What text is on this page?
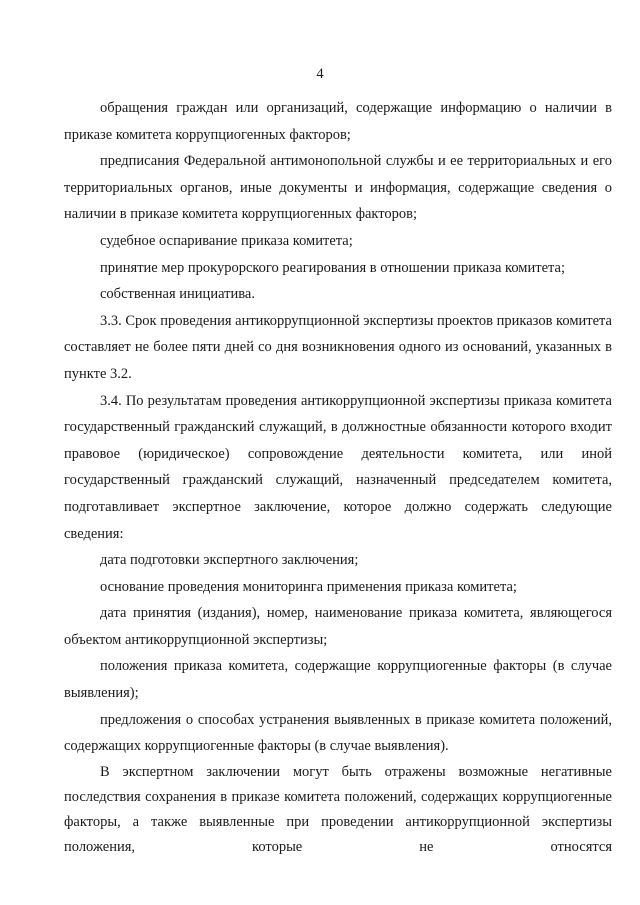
4

обращения граждан или организаций, содержащие информацию о наличии в приказе комитета коррупциогенных факторов;

предписания Федеральной антимонопольной службы и ее территориальных и его территориальных органов, иные документы и информация, содержащие сведения о наличии в приказе комитета коррупциогенных факторов;

судебное оспаривание приказа комитета;

принятие мер прокурорского реагирования в отношении приказа комитета;

собственная инициатива.

3.3. Срок проведения антикоррупционной экспертизы проектов приказов комитета составляет не более пяти дней со дня возникновения одного из оснований, указанных в пункте 3.2.

3.4. По результатам проведения антикоррупционной экспертизы приказа комитета государственный гражданский служащий, в должностные обязанности которого входит правовое (юридическое) сопровождение деятельности комитета, или иной государственный гражданский служащий, назначенный председателем комитета, подготавливает экспертное заключение, которое должно содержать следующие сведения:

дата подготовки экспертного заключения;

основание проведения мониторинга применения приказа комитета;

дата принятия (издания), номер, наименование приказа комитета, являющегося объектом антикоррупционной экспертизы;

положения приказа комитета, содержащие коррупциогенные факторы (в случае выявления);

предложения о способах устранения выявленных в приказе комитета положений, содержащих коррупциогенные факторы (в случае выявления).

В экспертном заключении могут быть отражены возможные негативные последствия сохранения в приказе комитета положений, содержащих коррупциогенные факторы, а также выявленные при проведении антикоррупционной экспертизы положения, которые не относятся
